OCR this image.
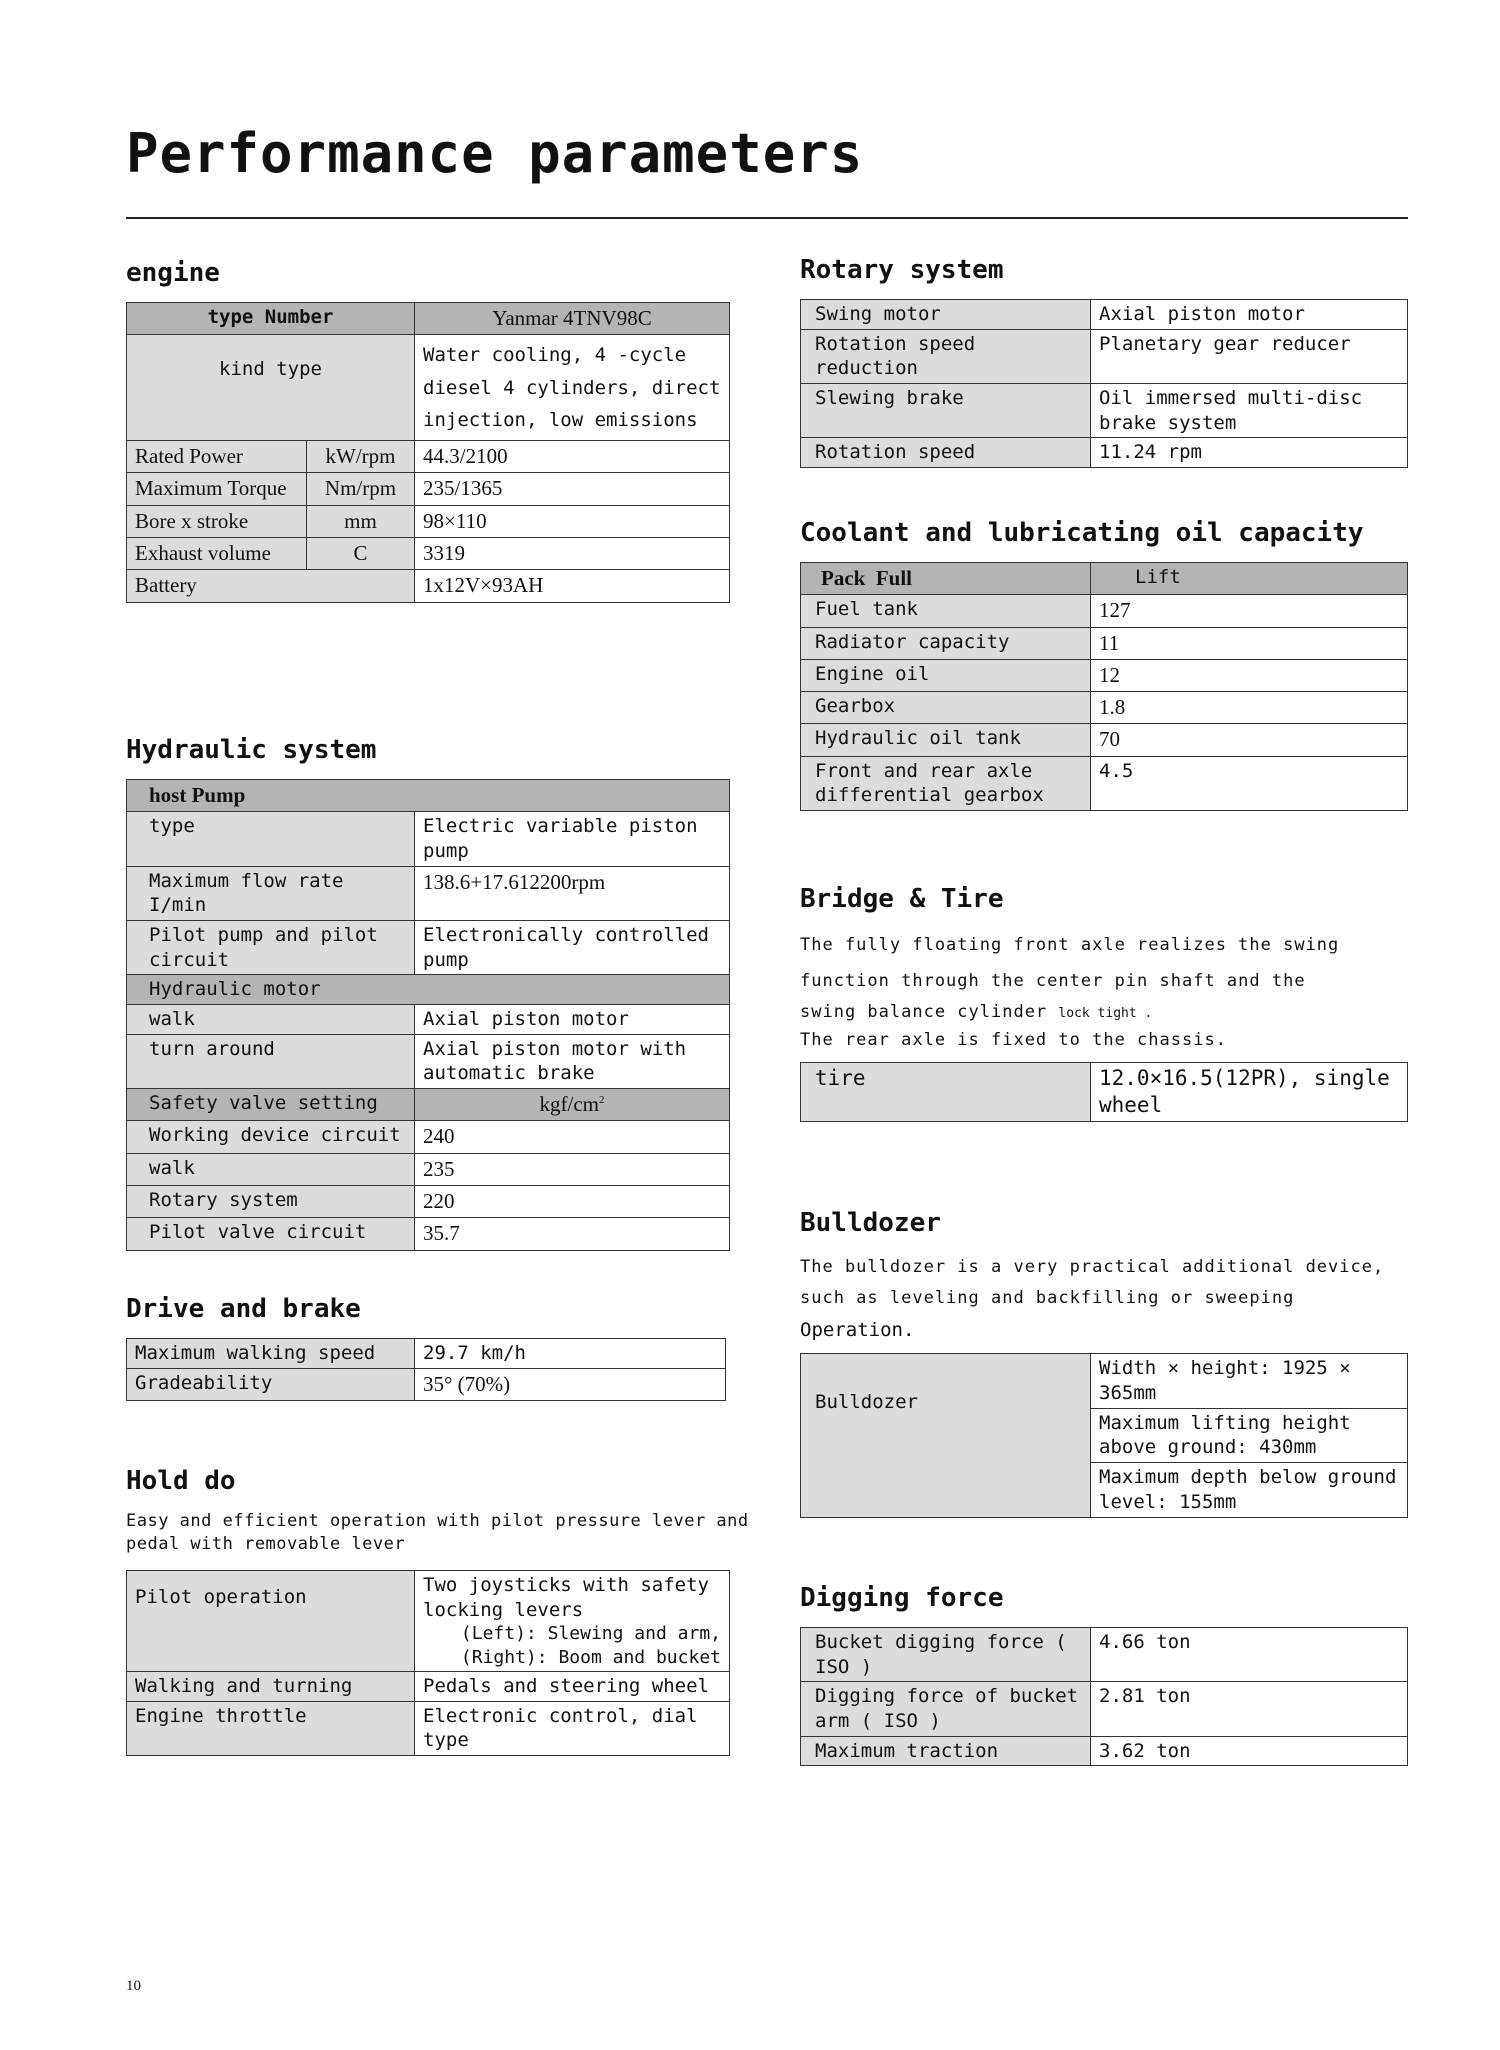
Performance parameters
engine
type Number		Yanmar 4TNV98C
kind type		Water cooling, 4 -cycle diesel 4 cylinders, direct injection, low emissions
Rated Power	kW/rpm	44.3/2100
Maximum Torque	Nm/rpm	235/1365
Bore x stroke	mm	98×110
Exhaust volume	C	3319
Battery		1x12V×93AH
Hydraulic system
host Pump	
type	Electric variable piston pump
Maximum flow rate I/min	138.6+17.612200rpm
Pilot pump and pilot circuit	Electronically controlled pump
Hydraulic motor	
walk	Axial piston motor
turn around	Axial piston motor with automatic brake
Safety valve setting	kgf/$cm^2$
Working device circuit	240
walk	235
Rotary system	220
Pilot valve circuit	35.7
Drive and brake
Maximum walking speed	29.7 km/h
Gradeability	35° (70%)
Hold do

Easy and efficient operation with pilot pressure lever and pedal with removable lever

Pilot operation	Two joysticks with safety locking levers
(Left): Slewing and arm, (Right): Boom and bucket

Walking and turning	Pedals and steering wheel
Engine throttle	Electronic control, dial type
Rotary system
Swing motor	Axial piston motor
Rotation speed reduction	Planetary gear reducer
Slewing brake	Oil immersed multi-disc brake system
Rotation speed	11.24 rpm
Coolant and lubricating oil capacity
Pack  Full	Lift
Fuel tank	127
Radiator capacity	11
Engine oil	12
Gearbox	1.8
Hydraulic oil tank	70
Front and rear axle differential gearbox	4.5
Bridge & Tire
The fully floating front axle realizes the swing
function through the center pin shaft and the
swing balance cylinder lock tight .
The rear axle is fixed to the chassis.
tire	12.0×16.5(12PR), single wheel
Bulldozer

The bulldozer is a very practical additional device, such as leveling and backfilling or sweeping Operation.

Bulldozer	Width × height: 1925 × 365mm
Maximum lifting height above ground: 430mm
Maximum depth below ground level: 155mm
Digging force
Bucket digging force ( ISO )	4.66 ton
Digging force of bucket arm ( ISO )	2.81 ton
Maximum traction	3.62 ton
10
